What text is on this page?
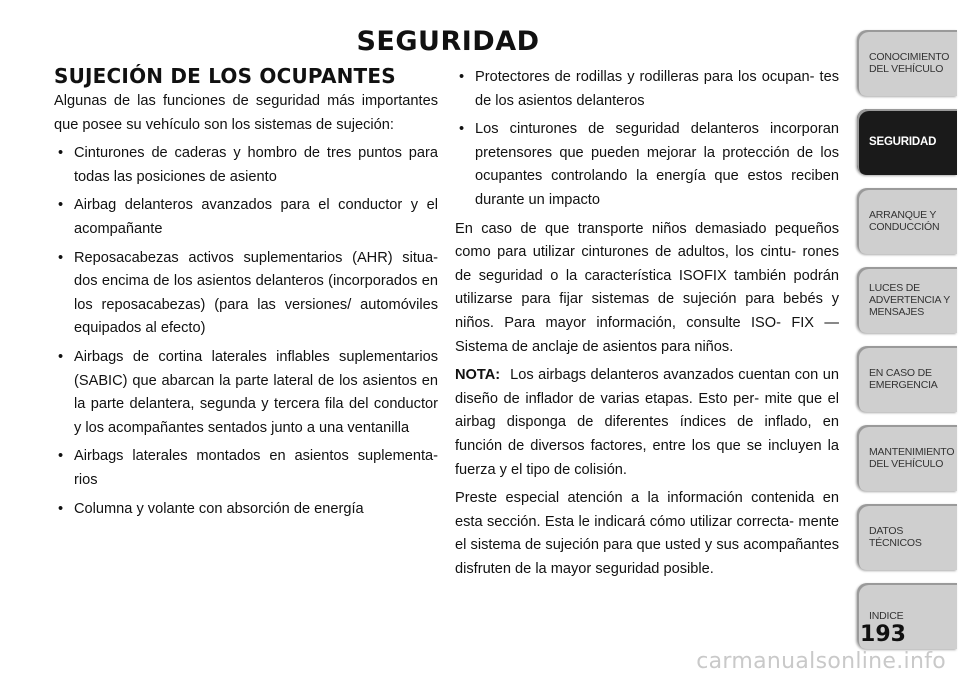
SEGURIDAD
SUJECIÓN DE LOS OCUPANTES

Algunas de las funciones de seguridad más importantes que posee su vehículo son los sistemas de sujeción:

• Cinturones de caderas y hombro de tres puntos para todas las posiciones de asiento
• Airbag delanteros avanzados para el conductor y el acompañante
• Reposacabezas activos suplementarios (AHR) situa- dos encima de los asientos delanteros (incorporados en los reposacabezas) (para las versiones/ automóviles equipados al efecto)
• Airbags de cortina laterales inflables suplementarios (SABIC) que abarcan la parte lateral de los asientos en la parte delantera, segunda y tercera fila del conductor y los acompañantes sentados junto a una ventanilla
• Airbags laterales montados en asientos suplementa- rios
• Columna y volante con absorción de energía
• Protectores de rodillas y rodilleras para los ocupan- tes de los asientos delanteros
• Los cinturones de seguridad delanteros incorporan pretensores que pueden mejorar la protección de los ocupantes controlando la energía que estos reciben durante un impacto

En caso de que transporte niños demasiado pequeños como para utilizar cinturones de adultos, los cintu- rones de seguridad o la característica ISOFIX también podrán utilizarse para fijar sistemas de sujeción para bebés y niños. Para mayor información, consulte ISO- FIX — Sistema de anclaje de asientos para niños.

NOTA: Los airbags delanteros avanzados cuentan con un diseño de inflador de varias etapas. Esto per- mite que el airbag disponga de diferentes índices de inflado, en función de diversos factores, entre los que se incluyen la fuerza y el tipo de colisión.

Preste especial atención a la información contenida en esta sección. Esta le indicará cómo utilizar correcta- mente el sistema de sujeción para que usted y sus acompañantes disfruten de la mayor seguridad posible.

CONOCIMIENTO DEL VEHÍCULO
SEGURIDAD
ARRANQUE Y CONDUCCIÓN
LUCES DE ADVERTENCIA Y MENSAJES
EN CASO DE EMERGENCIA
MANTENIMIENTO DEL VEHÍCULO
DATOS TÉCNICOS
INDICE
193
carmanualsonline.info
